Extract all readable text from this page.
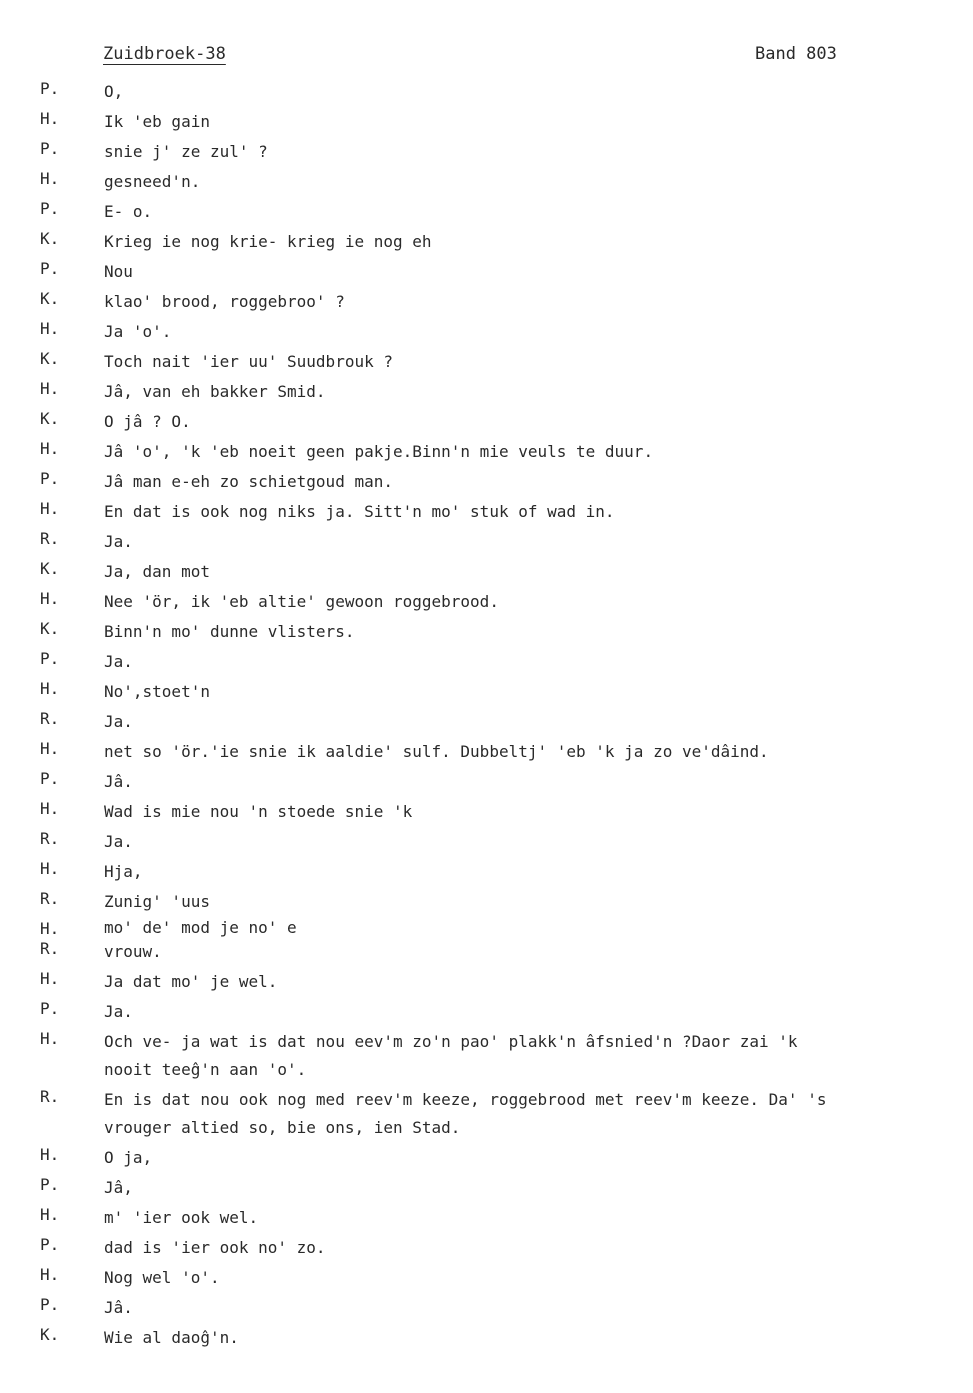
Zuidbroek-38	Band 803
P.	O,
H.	Ik 'eb gain
P.	snie j' ze zul' ?
H.	gesneed'n.
P.	E- o.
K.	Krieg ie nog krie- krieg ie nog eh
P.	Nou
K.	klao' brood, roggebroo' ?
H.	Ja 'o'.
K.	Toch nait 'ier uu' Suudbrouk ?
H.	Jâ, van eh bakker Smid.
K.	O jâ ? O.
H.	Jâ 'o', 'k 'eb noeit geen pakje.Binn'n mie veuls te duur.
P.	Jâ man e-eh zo schietgoud man.
H.	En dat is ook nog niks ja. Sitt'n mo' stuk of wad in.
R.	Ja.
K.	Ja, dan mot
H.	Nee 'ör, ik 'eb altie' gewoon roggebrood.
K.	Binn'n mo' dunne vlisters.
P.	Ja.
H.	No',stoet'n
R.	Ja.
H.	net so 'ör.'ie snie ik aaldie' sulf. Dubbeltj' 'eb 'k ja zo ve'dâind.
P.	Jâ.
H.	Wad is mie nou 'n stoede snie 'k
R.	Ja.
H.	Hja,
R.	Zunig' 'uus
H.	mo' de' mod je no' e
R.	vrouw.
H.	Ja dat mo' je wel.
P.	Ja.
H.	Och ve- ja wat is dat nou eev'm zo'n pao' plakk'n âfsnied'n ?Daor zai 'k
nooit teeĝ'n aan 'o'.
R.	En is dat nou ook nog med reev'm keeze, roggebrood met reev'm keeze. Da' 's
vrouger altied so, bie ons, ien Stad.
H.	O ja,
P.	Jâ,
H.	m' 'ier ook wel.
P.	dad is 'ier ook no' zo.
H.	Nog wel 'o'.
P.	Jâ.
K.	Wie al daoĝ'n.
